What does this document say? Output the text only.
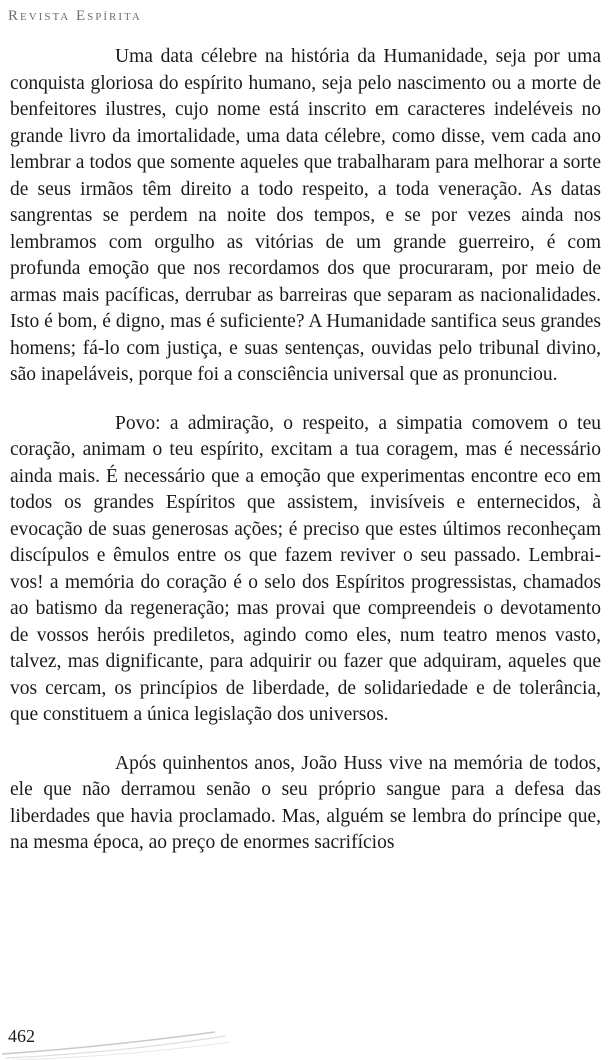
Revista Espírita

Uma data célebre na história da Humanidade, seja por uma conquista gloriosa do espírito humano, seja pelo nascimento ou a morte de benfeitores ilustres, cujo nome está inscrito em caracteres indeléveis no grande livro da imortalidade, uma data célebre, como disse, vem cada ano lembrar a todos que somente aqueles que trabalharam para melhorar a sorte de seus irmãos têm direito a todo respeito, a toda veneração. As datas sangrentas se perdem na noite dos tempos, e se por vezes ainda nos lembramos com orgulho as vitórias de um grande guerreiro, é com profunda emoção que nos recordamos dos que procuraram, por meio de armas mais pacíficas, derrubar as barreiras que separam as nacionalidades. Isto é bom, é digno, mas é suficiente? A Humanidade santifica seus grandes homens; fá-lo com justiça, e suas sentenças, ouvidas pelo tribunal divino, são inapeláveis, porque foi a consciência universal que as pronunciou.

Povo: a admiração, o respeito, a simpatia comovem o teu coração, animam o teu espírito, excitam a tua coragem, mas é necessário ainda mais. É necessário que a emoção que experimentas encontre eco em todos os grandes Espíritos que assistem, invisíveis e enternecidos, à evocação de suas generosas ações; é preciso que estes últimos reconheçam discípulos e êmulos entre os que fazem reviver o seu passado. Lembrai-vos! a memória do coração é o selo dos Espíritos progressistas, chamados ao batismo da regeneração; mas provai que compreendeis o devotamento de vossos heróis prediletos, agindo como eles, num teatro menos vasto, talvez, mas dignificante, para adquirir ou fazer que adquiram, aqueles que vos cercam, os princípios de liberdade, de solidariedade e de tolerância, que constituem a única legislação dos universos.

Após quinhentos anos, João Huss vive na memória de todos, ele que não derramou senão o seu próprio sangue para a defesa das liberdades que havia proclamado. Mas, alguém se lembra do príncipe que, na mesma época, ao preço de enormes sacrifícios

462
